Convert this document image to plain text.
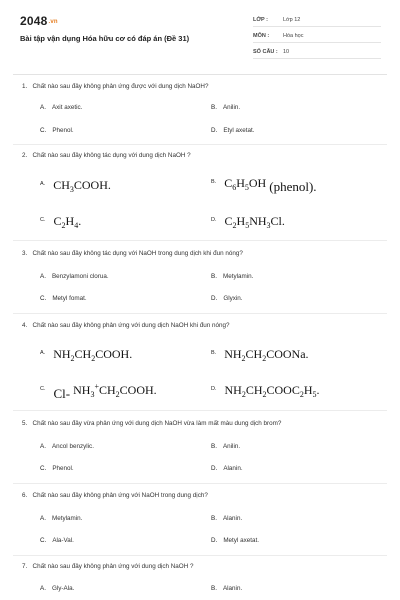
2048.vn
Bài tập vận dụng Hóa hữu cơ có đáp án (Đề 31)
LỚP :	Lớp 12
MÔN :	Hóa học
SỐ CÂU : 10
1. Chất nào sau đây không phản ứng được với dung dịch NaOH?
A. Axit axetic.	B. Anilin.
C. Phenol.	D. Etyl axetat.
2. Chất nào sau đây không tác dụng với dung dịch NaOH ?
$^{A.}$ $CH_3COOH$.	$^{B.}$ $C_6H_5OH$ (phenol).
$^{C.}$ $C_2H_4$.	$^{D.}$ $C_2H_5NH_3Cl$.
3. Chất nào sau đây không tác dụng với NaOH trong dung dịch khi đun nóng?
A. Benzylamoni clorua.	B. Metylamin.
C. Metyl fomat.	D. Glyxin.
4. Chất nào sau đây không phản ứng với dung dịch NaOH khi đun nóng?
$^{A.}$ $NH_2CH_2COOH$.	$^{B.}$ $NH_2CH_2COONa$.
$^{C.}$ Cl- $NH_3^+CH_2COOH$.	$^{D.}$ $NH_2CH_2COOC_2H_5$.
5. Chất nào sau đây vừa phản ứng với dung dịch NaOH vừa làm mất màu dung dịch brom?
A. Ancol benzylic.	B. Anilin.
C. Phenol.	D. Alanin.
6. Chất nào sau đây không phản ứng với NaOH trong dung dịch?
A. Metylamin.	B. Alanin.
C. Ala-Val.	D. Metyl axetat.
7. Chất nào sau đây không phản ứng với dung dịch NaOH ?
A. Gly-Ala.	B. Alanin.
